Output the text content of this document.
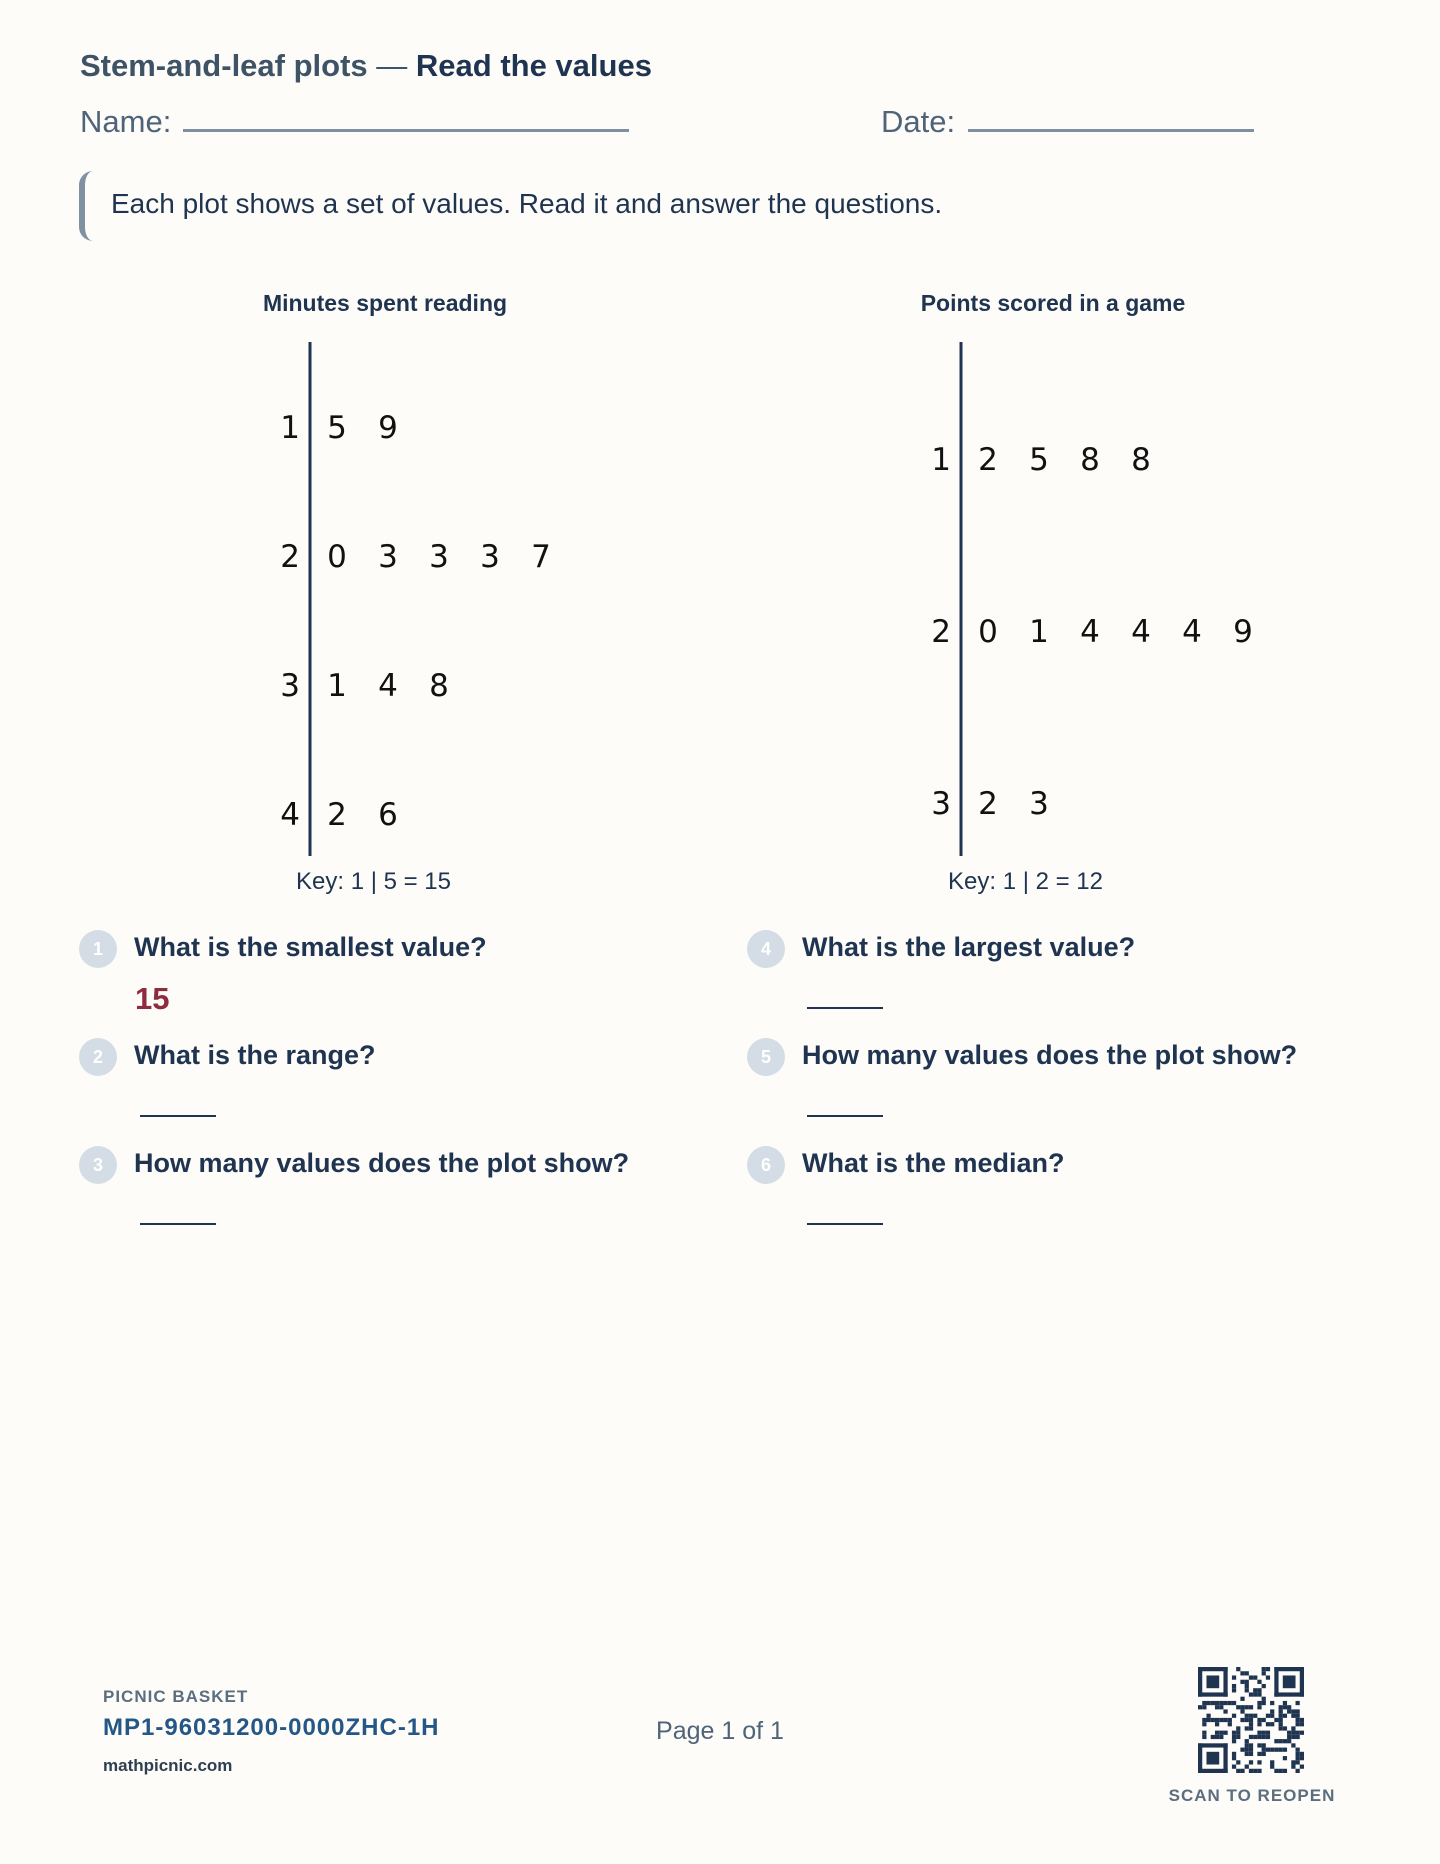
Stem-and-leaf plots — Read the values
Name:	Date:
Each plot shows a set of values. Read it and answer the questions.
Minutes spent reading
1 5 9
2 0 3 3 3 7
3 1 4 8
4 2 6
Key: 1 | 5 = 15
Points scored in a game
1 2 5 8 8
2 0 1 4 4 4 9
3 2 3
Key: 1 | 2 = 12
1	What is the smallest value?
15
2	What is the range?
3	How many values does the plot show?
4	What is the largest value?
5	How many values does the plot show?
6	What is the median?
PICNIC BASKET
MP1-96031200-0000ZHC-1H
mathpicnic.com
Page 1 of 1
SCAN TO REOPEN
